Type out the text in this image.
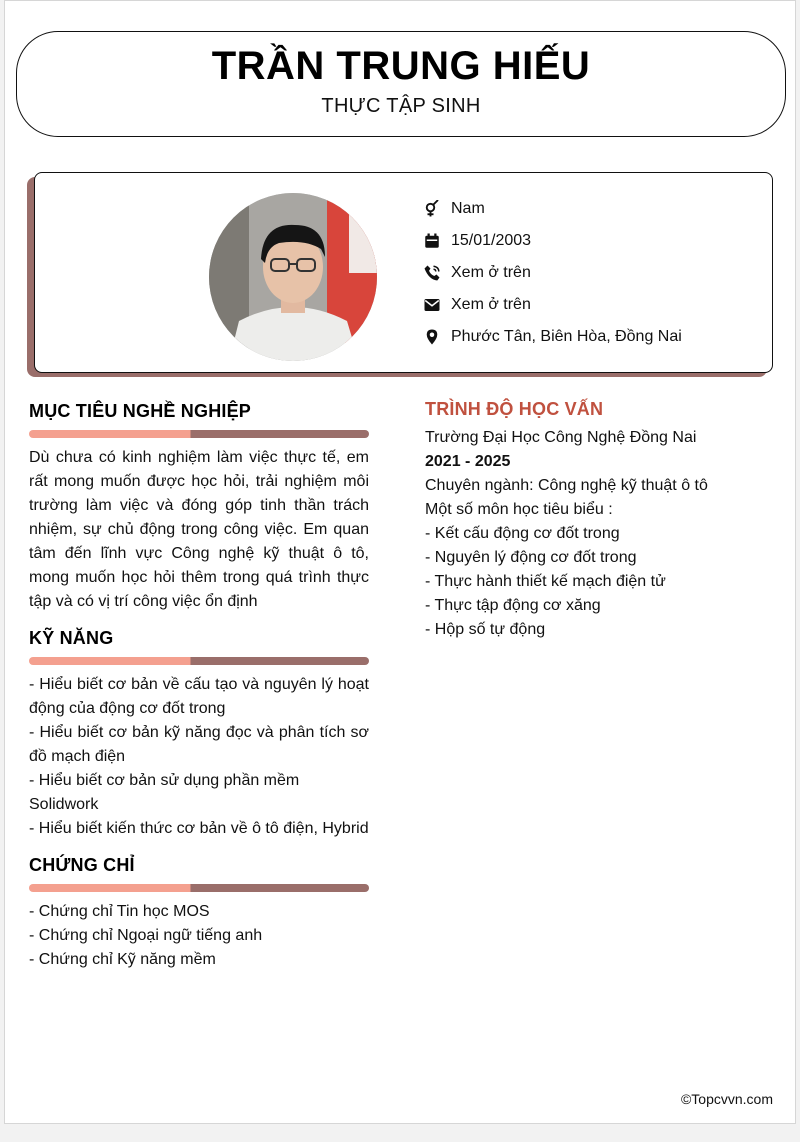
TRẦN TRUNG HIẾU
THỰC TẬP SINH
Nam
15/01/2003
Xem ở trên
Xem ở trên
Phước Tân, Biên Hòa, Đồng Nai
MỤC TIÊU NGHỀ NGHIỆP
Dù chưa có kinh nghiệm làm việc thực tế, em rất mong muốn được học hỏi, trải nghiệm môi trường làm việc và đóng góp tinh thần trách nhiệm, sự chủ động trong công việc. Em quan tâm đến lĩnh vực Công nghệ kỹ thuật ô tô, mong muốn học hỏi thêm trong quá trình thực tập và có vị trí công việc ổn định
KỸ NĂNG
- Hiểu biết cơ bản về cấu tạo và nguyên lý hoạt động của động cơ đốt trong
- Hiểu biết cơ bản kỹ năng đọc và phân tích sơ đồ mạch điện
- Hiểu biết cơ bản sử dụng phần mềm Solidwork
- Hiểu biết kiến thức cơ bản về ô tô điện, Hybrid
CHỨNG CHỈ
- Chứng chỉ Tin học MOS
- Chứng chỉ Ngoại ngữ tiếng anh
- Chứng chỉ Kỹ năng mềm
TRÌNH ĐỘ HỌC VẤN
Trường Đại Học Công Nghệ Đồng Nai
2021 - 2025
Chuyên ngành: Công nghệ kỹ thuật ô tô
Một số môn học tiêu biểu :
- Kết cấu động cơ đốt trong
- Nguyên lý động cơ đốt trong
- Thực hành thiết kế mạch điện tử
- Thực tập động cơ xăng
- Hộp số tự động
©Topcvvn.com
